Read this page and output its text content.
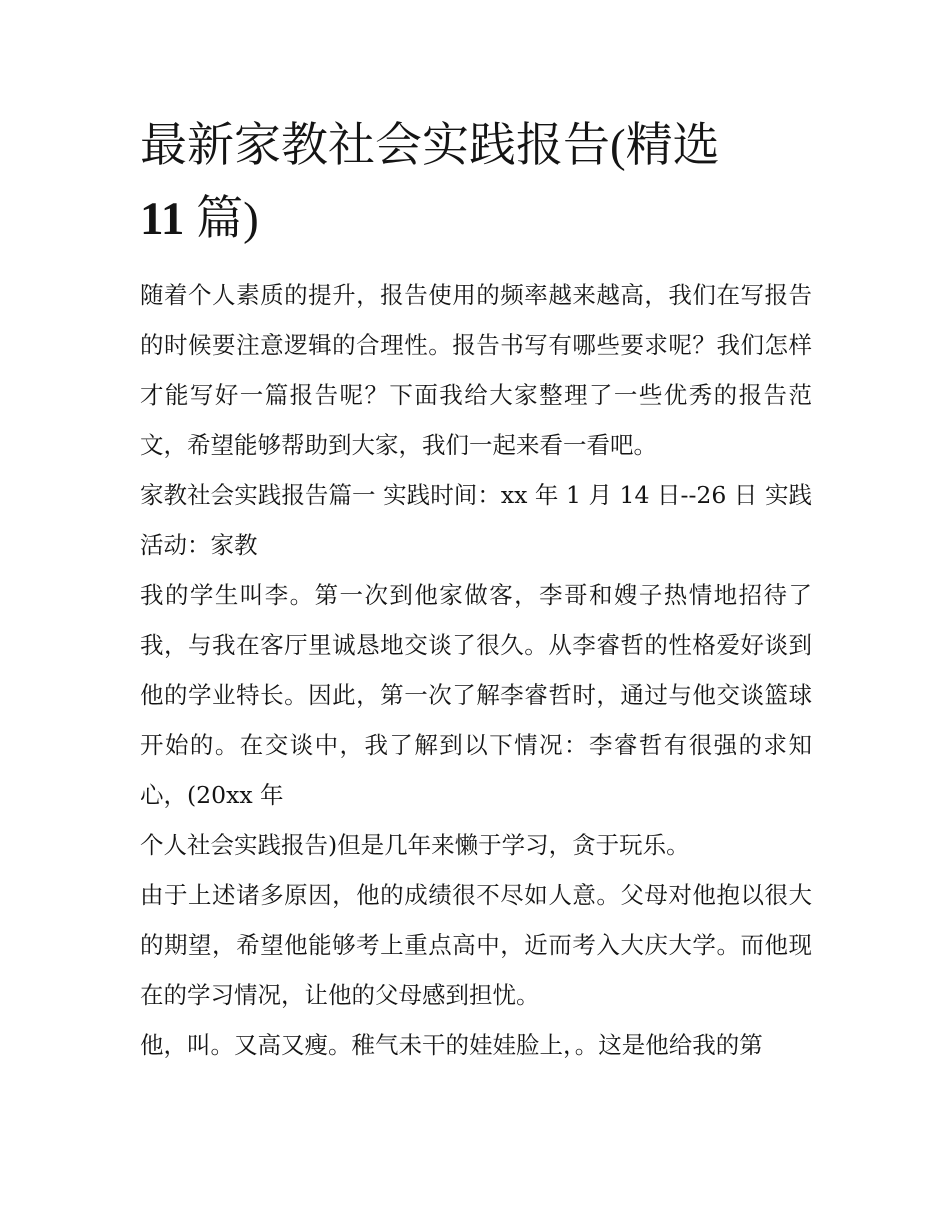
最新家教社会实践报告(精选
11 篇)

随着个人素质的提升，报告使用的频率越来越高，我们在写报告的时候要注意逻辑的合理性。报告书写有哪些要求呢？我们怎样才能写好一篇报告呢？下面我给大家整理了一些优秀的报告范文，希望能够帮助到大家，我们一起来看一看吧。

家教社会实践报告篇一 实践时间：xx 年 1 月 14 日--26 日 实践活动：家教

我的学生叫李。第一次到他家做客，李哥和嫂子热情地招待了我，与我在客厅里诚恳地交谈了很久。从李睿哲的性格爱好谈到他的学业特长。因此，第一次了解李睿哲时，通过与他交谈篮球开始的。在交谈中，我了解到以下情况：李睿哲有很强的求知心，(20xx 年

个人社会实践报告)但是几年来懒于学习，贪于玩乐。

由于上述诸多原因，他的成绩很不尽如人意。父母对他抱以很大的期望，希望他能够考上重点高中，近而考入大庆大学。而他现在的学习情况，让他的父母感到担忧。

他，叫。又高又瘦。稚气未干的娃娃脸上，。这是他给我的第
